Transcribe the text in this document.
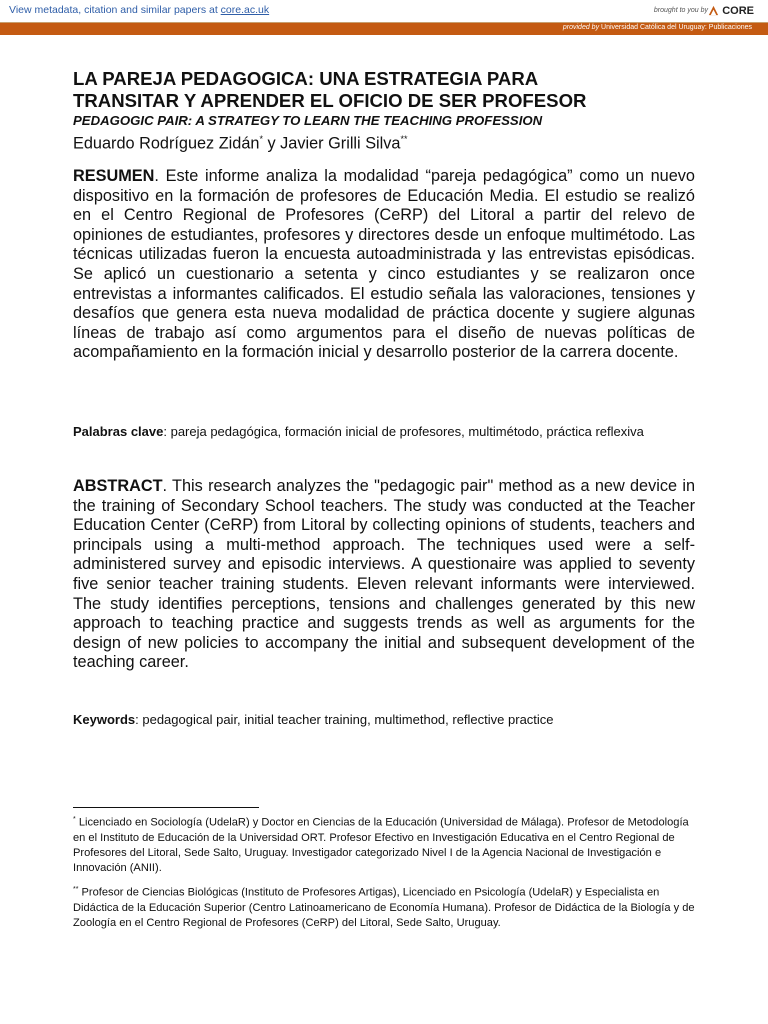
View metadata, citation and similar papers at core.ac.uk	brought to you by CORE
provided by Universidad Católica del Uruguay: Publicaciones
LA PAREJA PEDAGOGICA: UNA ESTRATEGIA PARA
TRANSITAR Y APRENDER EL OFICIO DE SER PROFESOR

PEDAGOGIC PAIR: A STRATEGY TO LEARN THE TEACHING PROFESSION

Eduardo Rodríguez Zidán* y Javier Grilli Silva**

RESUMEN. Este informe analiza la modalidad “pareja pedagógica” como un nuevo dispositivo en la formación de profesores de Educación Media. El estudio se realizó en el Centro Regional de Profesores (CeRP) del Litoral a partir del relevo de opiniones de estudiantes, profesores y directores desde un enfoque multimétodo. Las técnicas utilizadas fueron la encuesta autoadministrada y las entrevistas episódicas. Se aplicó un cuestionario a setenta y cinco estudiantes y se realizaron once entrevistas a informantes calificados. El estudio señala las valoraciones, tensiones y desafíos que genera esta nueva modalidad de práctica docente y sugiere algunas líneas de trabajo así como argumentos para el diseño de nuevas políticas de acompañamiento en la formación inicial y desarrollo posterior de la carrera docente.

Palabras clave: pareja pedagógica, formación inicial de profesores, multimétodo, práctica reflexiva

ABSTRACT. This research analyzes the "pedagogic pair" method as a new device in the training of Secondary School teachers. The study was conducted at the Teacher Education Center (CeRP) from Litoral by collecting opinions of students, teachers and principals using a multi-method approach. The techniques used were a self-administered survey and episodic interviews. A questionaire was applied to seventy five senior teacher training students. Eleven relevant informants were interviewed. The study identifies perceptions, tensions and challenges generated by this new approach to teaching practice and suggests trends as well as arguments for the design of new policies to accompany the initial and subsequent development of the teaching career.

Keywords: pedagogical pair, initial teacher training, multimethod, reflective practice

* Licenciado en Sociología (UdelaR) y Doctor en Ciencias de la Educación (Universidad de Málaga). Profesor de Metodología en el Instituto de Educación de la Universidad ORT. Profesor Efectivo en Investigación Educativa en el Centro Regional de Profesores del Litoral, Sede Salto, Uruguay. Investigador categorizado Nivel I de la Agencia Nacional de Investigación e Innovación (ANII).

** Profesor de Ciencias Biológicas (Instituto de Profesores Artigas), Licenciado en Psicología (UdelaR) y Especialista en Didáctica de la Educación Superior (Centro Latinoamericano de Economía Humana). Profesor de Didáctica de la Biología y de Zoología en el Centro Regional de Profesores (CeRP) del Litoral, Sede Salto, Uruguay.
